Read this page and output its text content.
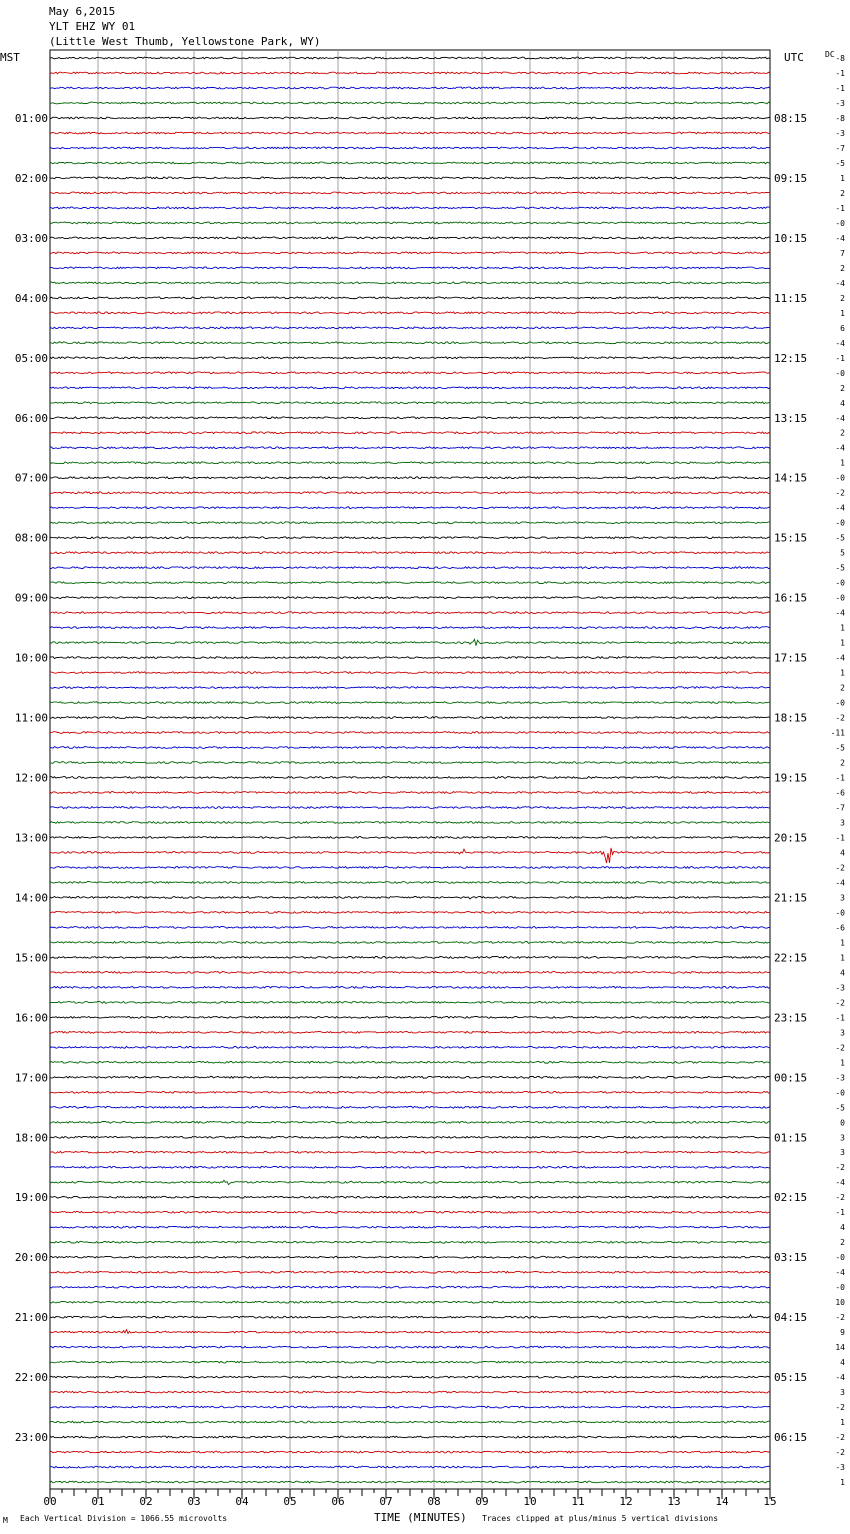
May 6,2015
YLT EHZ WY 01
(Little West Thumb, Yellowstone Park, WY)
01:00
02:00
03:00
04:00
05:00
06:00
07:00
08:00
09:00
10:00
11:00
12:00
13:00
14:00
15:00
16:00
17:00
18:00
19:00
20:00
21:00
22:00
23:00
08:15
09:15
10:15
11:15
12:15
13:15
14:15
15:15
16:15
17:15
18:15
19:15
20:15
21:15
22:15
23:15
00:15
01:15
02:15
03:15
04:15
05:15
06:15
MST	UTC	DC -8
-1
-1
-3
-8
-3
-7
-5
1
2
-1
-0
-4
7
2
-4
2
1
6
-4
-1
-0
2
4
-4
2
-4
1
-0
-2
-4
-0
-5
5
-5
-0
-0
-4
1
1
-4
1
2
-0
-2
-11
-5
2
-1
-6
-7
3
-1
4
-2
-4
3
-0
-6
1
1
4
-3
-2
-1
3
-2
1
-3
-0
-5
0
3
3
-2
-4
-2
-1
4
2
-0
-4
-0
10
-2
9
14
4
-4
3
-2
1
-2
-2
-3
1
00	01	02	03	04	05	06	07	08	09	10	11	12	13	14	15
M Each Vertical Division = 1066.55 microvolts	TIME (MINUTES) Traces clipped at plus/minus 5 vertical divisions
